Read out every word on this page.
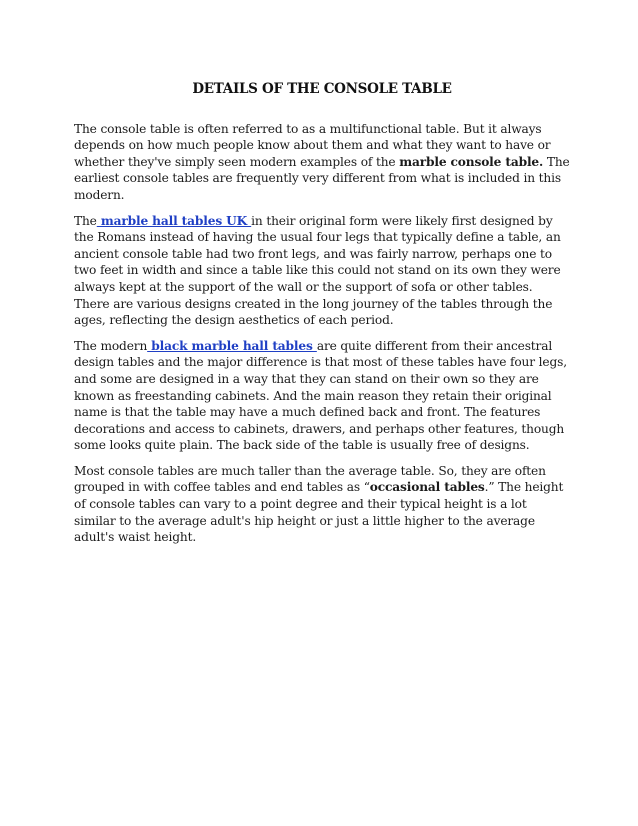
DETAILS OF THE CONSOLE TABLE

The console table is often referred to as a multifunctional table. But it always depends on how much people know about them and what they want to have or whether they've simply seen modern examples of the marble console table. The earliest console tables are frequently very different from what is included in this modern.

The marble hall tables UK in their original form were likely first designed by the Romans instead of having the usual four legs that typically define a table, an ancient console table had two front legs, and was fairly narrow, perhaps one to two feet in width and since a table like this could not stand on its own they were always kept at the support of the wall or the support of sofa or other tables. There are various designs created in the long journey of the tables through the ages, reflecting the design aesthetics of each period.

The modern black marble hall tables are quite different from their ancestral design tables and the major difference is that most of these tables have four legs, and some are designed in a way that they can stand on their own so they are known as freestanding cabinets. And the main reason they retain their original name is that the table may have a much defined back and front. The features decorations and access to cabinets, drawers, and perhaps other features, though some looks quite plain. The back side of the table is usually free of designs.

Most console tables are much taller than the average table. So, they are often grouped in with coffee tables and end tables as “occasional tables.” The height of console tables can vary to a point degree and their typical height is a lot similar to the average adult's hip height or just a little higher to the average adult's waist height.
